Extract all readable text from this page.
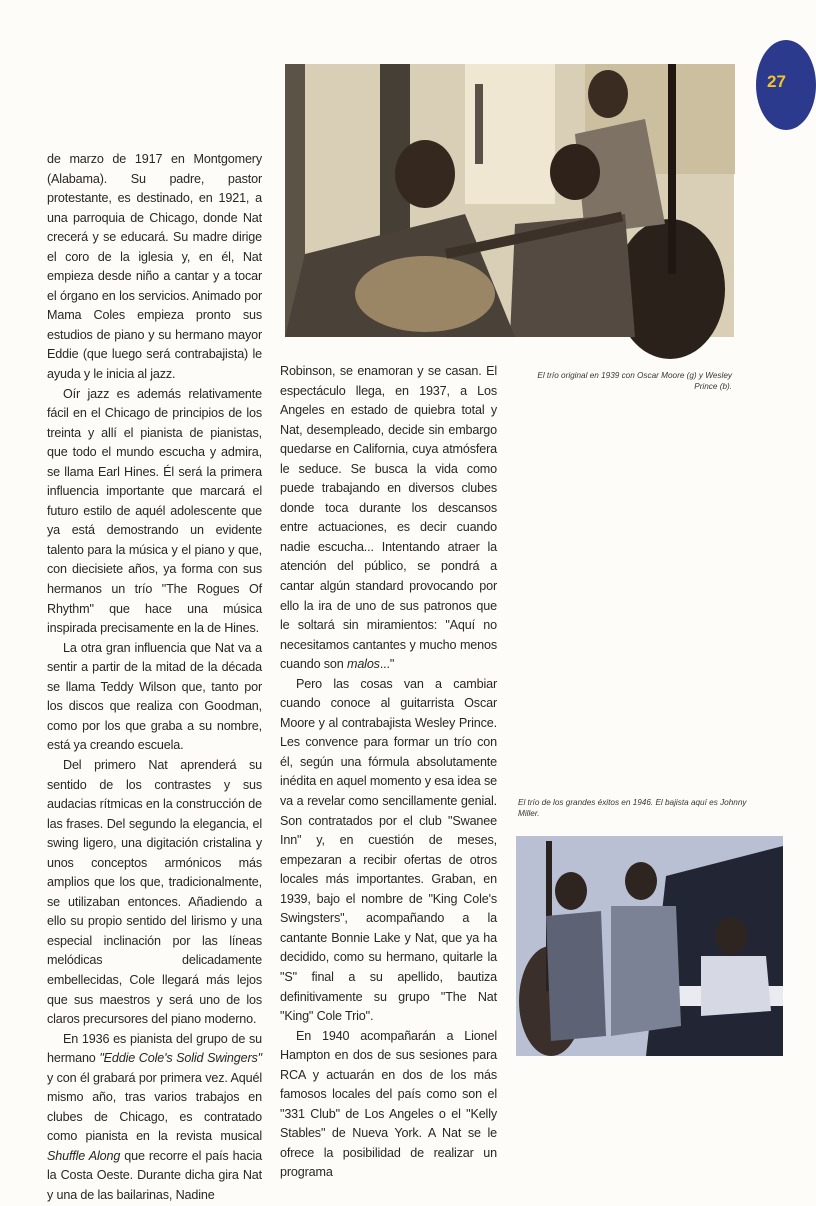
27
El trío original en 1939 con Oscar Moore (g) y Wesley Prince (b).
El trío de los grandes éxitos en 1946. El bajista aquí es Johnny Miller.

de marzo de 1917 en Montgomery (Alabama). Su padre, pastor protestante, es destinado, en 1921, a una parroquia de Chicago, donde Nat crecerá y se educará. Su madre dirige el coro de la iglesia y, en él, Nat empieza desde niño a cantar y a tocar el órgano en los servicios. Animado por Mama Coles empieza pronto sus estudios de piano y su hermano mayor Eddie (que luego será contrabajista) le ayuda y le inicia al jazz.

Oír jazz es además relativamente fácil en el Chicago de principios de los treinta y allí el pianista de pianistas, que todo el mundo escucha y admira, se llama Earl Hines. Él será la primera influencia importante que marcará el futuro estilo de aquél adolescente que ya está demostrando un evidente talento para la música y el piano y que, con diecisiete años, ya forma con sus hermanos un trío "The Rogues Of Rhythm" que hace una música inspirada precisamente en la de Hines.

La otra gran influencia que Nat va a sentir a partir de la mitad de la década se llama Teddy Wilson que, tanto por los discos que realiza con Goodman, como por los que graba a su nombre, está ya creando escuela.

Del primero Nat aprenderá su sentido de los contrastes y sus audacias rítmicas en la construcción de las frases. Del segundo la elegancia, el swing ligero, una digitación cristalina y unos conceptos armónicos más amplios que los que, tradicionalmente, se utilizaban entonces. Añadiendo a ello su propio sentido del lirismo y una especial inclinación por las líneas melódicas delicadamente embellecidas, Cole llegará más lejos que sus maestros y será uno de los claros precursores del piano moderno.

En 1936 es pianista del grupo de su hermano "Eddie Cole's Solid Swingers" y con él grabará por primera vez. Aquél mismo año, tras varios trabajos en clubes de Chicago, es contratado como pianista en la revista musical Shuffle Along que recorre el país hacia la Costa Oeste. Durante dicha gira Nat y una de las bailarinas, Nadine

Robinson, se enamoran y se casan. El espectáculo llega, en 1937, a Los Angeles en estado de quiebra total y Nat, desempleado, decide sin embargo quedarse en California, cuya atmósfera le seduce. Se busca la vida como puede trabajando en diversos clubes donde toca durante los descansos entre actuaciones, es decir cuando nadie escucha... Intentando atraer la atención del público, se pondrá a cantar algún standard provocando por ello la ira de uno de sus patronos que le soltará sin miramientos: "Aquí no necesitamos cantantes y mucho menos cuando son malos..."

Pero las cosas van a cambiar cuando conoce al guitarrista Oscar Moore y al contrabajista Wesley Prince. Les convence para formar un trío con él, según una fórmula absolutamente inédita en aquel momento y esa idea se va a revelar como sencillamente genial. Son contratados por el club "Swanee Inn" y, en cuestión de meses, empezaran a recibir ofertas de otros locales más importantes. Graban, en 1939, bajo el nombre de "King Cole's Swingsters", acompañando a la cantante Bonnie Lake y Nat, que ya ha decidido, como su hermano, quitarle la "S" final a su apellido, bautiza definitivamente su grupo "The Nat "King" Cole Trio".

En 1940 acompañarán a Lionel Hampton en dos de sus sesiones para RCA y actuarán en dos de los más famosos locales del país como son el "331 Club" de Los Angeles o el "Kelly Stables" de Nueva York. A Nat se le ofrece la posibilidad de realizar un programa
